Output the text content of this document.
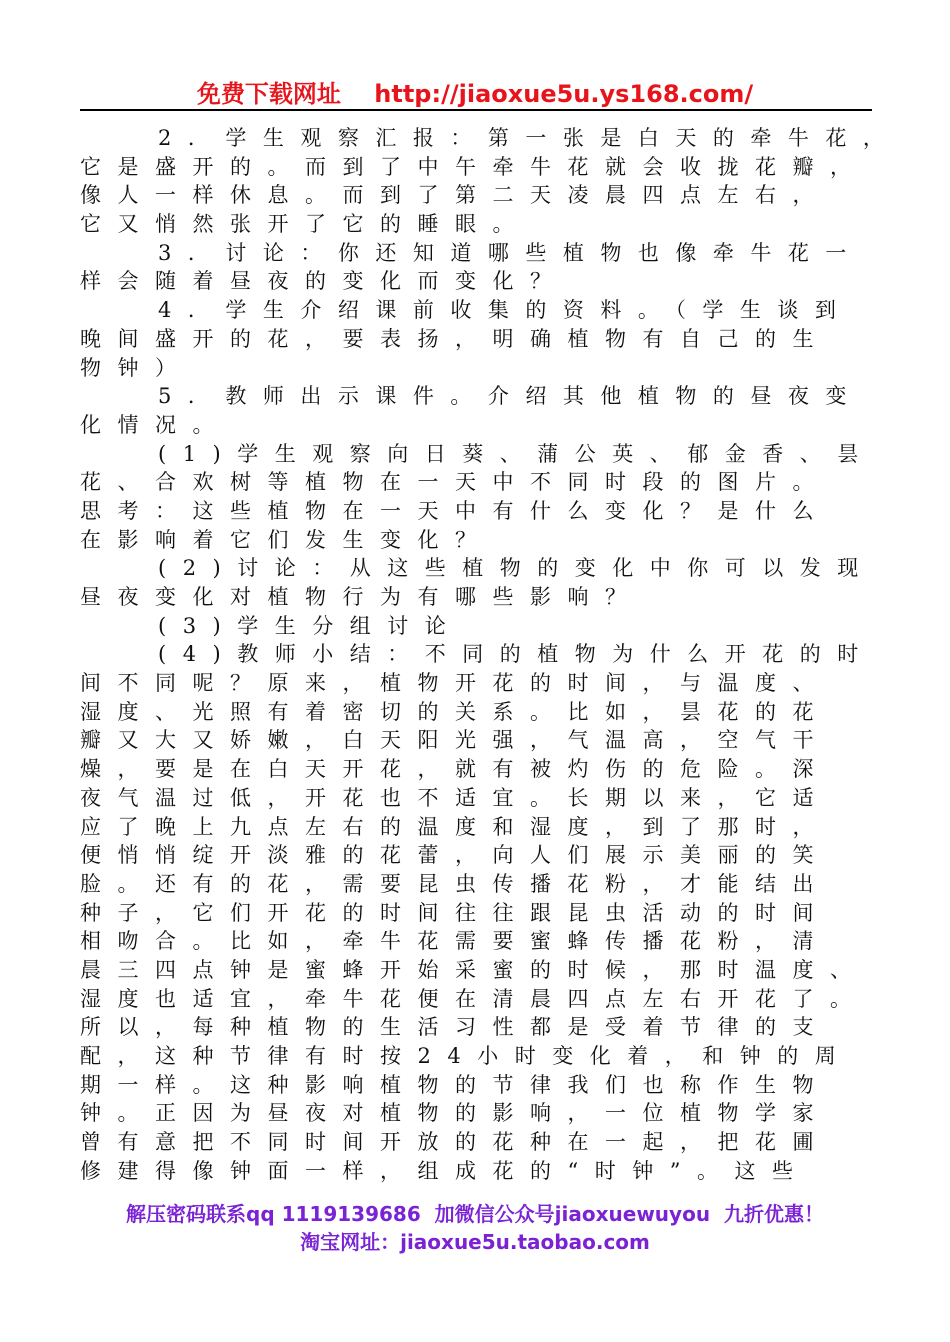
免费下载网址    http://jiaoxue5u.ys168.com/
2．学生观察汇报：第一张是白天的牵牛花，
它是盛开的。而到了中午牵牛花就会收拢花瓣，
像人一样休息。而到了第二天凌晨四点左右，
它又悄然张开了它的睡眼。
3．讨论：你还知道哪些植物也像牵牛花一
样会随着昼夜的变化而变化？
4．学生介绍课前收集的资料。（学生谈到
晚间盛开的花，要表扬，明确植物有自己的生
物钟）
5．教师出示课件。介绍其他植物的昼夜变
化情况。
(1)学生观察向日葵、蒲公英、郁金香、昙
花、合欢树等植物在一天中不同时段的图片。
思考：这些植物在一天中有什么变化？是什么
在影响着它们发生变化？
(2)讨论：从这些植物的变化中你可以发现
昼夜变化对植物行为有哪些影响？
(3)学生分组讨论
(4)教师小结：不同的植物为什么开花的时
间不同呢？原来，植物开花的时间，与温度、
湿度、光照有着密切的关系。比如，昙花的花
瓣又大又娇嫩，白天阳光强，气温高，空气干
燥，要是在白天开花，就有被灼伤的危险。深
夜气温过低，开花也不适宜。长期以来，它适
应了晚上九点左右的温度和湿度，到了那时，
便悄悄绽开淡雅的花蕾，向人们展示美丽的笑
脸。还有的花，需要昆虫传播花粉，才能结出
种子，它们开花的时间往往跟昆虫活动的时间
相吻合。比如，牵牛花需要蜜蜂传播花粉，清
晨三四点钟是蜜蜂开始采蜜的时候，那时温度、
湿度也适宜，牵牛花便在清晨四点左右开花了。
所以，每种植物的生活习性都是受着节律的支
配，这种节律有时按24小时变化着，和钟的周
期一样。这种影响植物的节律我们也称作生物
钟。正因为昼夜对植物的影响，一位植物学家
曾有意把不同时间开放的花种在一起，把花圃
修建得像钟面一样，组成花的“时钟”。这些
解压密码联系qq 1119139686  加微信公众号jiaoxuewuyou  九折优惠！
淘宝网址：jiaoxue5u.taobao.com
